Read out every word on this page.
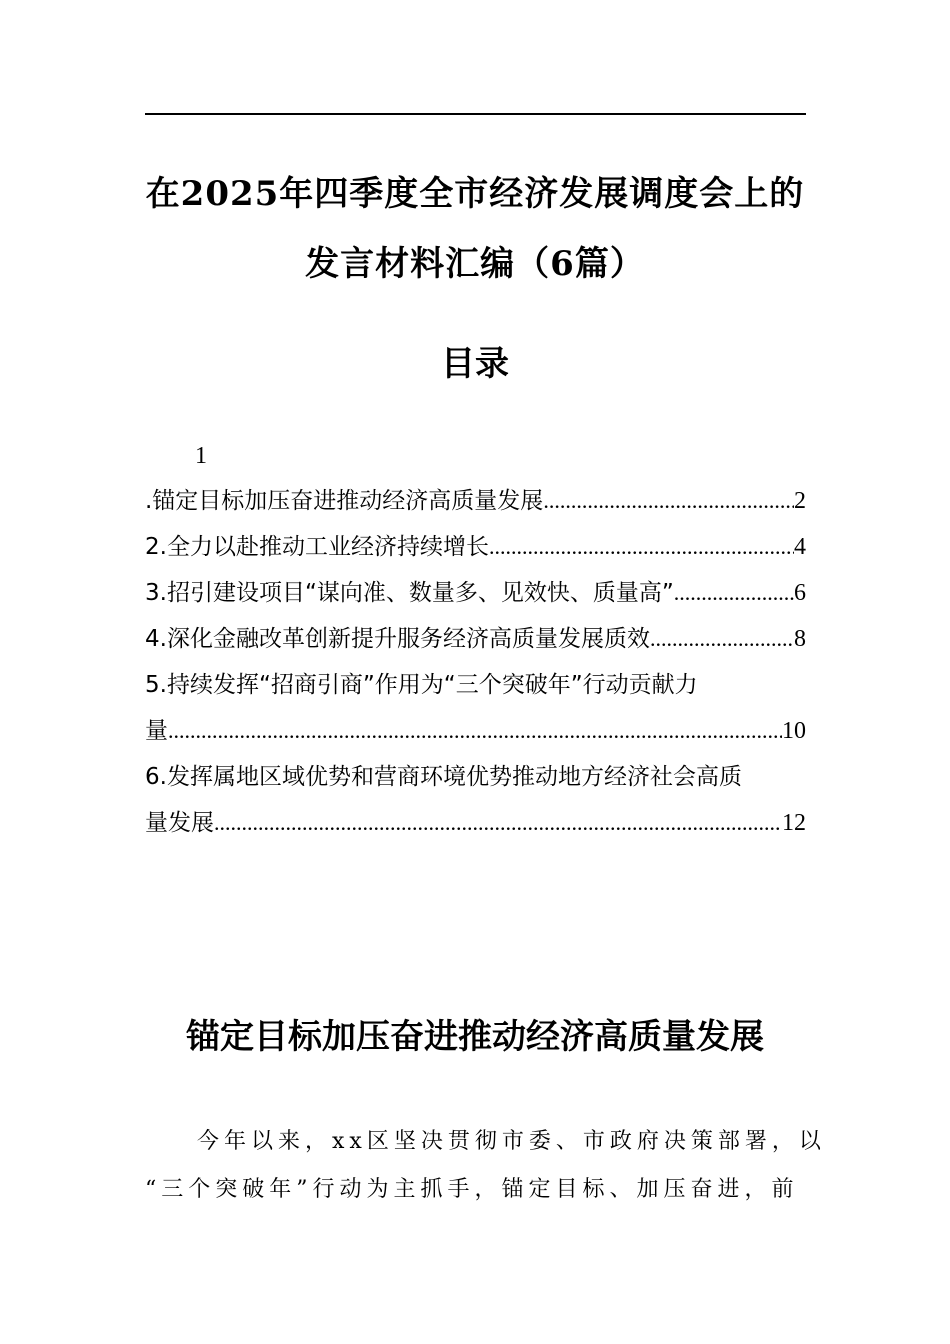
在2025年四季度全市经济发展调度会上的
发言材料汇编（6篇）
目录
1
.锚定目标加压奋进推动经济高质量发展 .....	2
2.全力以赴推动工业经济持续增长 .....	4
3.招引建设项目“谋向准、数量多、见效快、质量高” .....	6
4.深化金融改革创新提升服务经济高质量发展质效 .....	8
5.持续发挥“招商引商”作用为“三个突破年”行动贡献力
量 .....	10
6.发挥属地区域优势和营商环境优势推动地方经济社会高质
量发展 .....	12
锚定目标加压奋进推动经济高质量发展
今年以来，xx区坚决贯彻市委、市政府决策部署，以
“三个突破年”行动为主抓手，锚定目标、加压奋进，前
